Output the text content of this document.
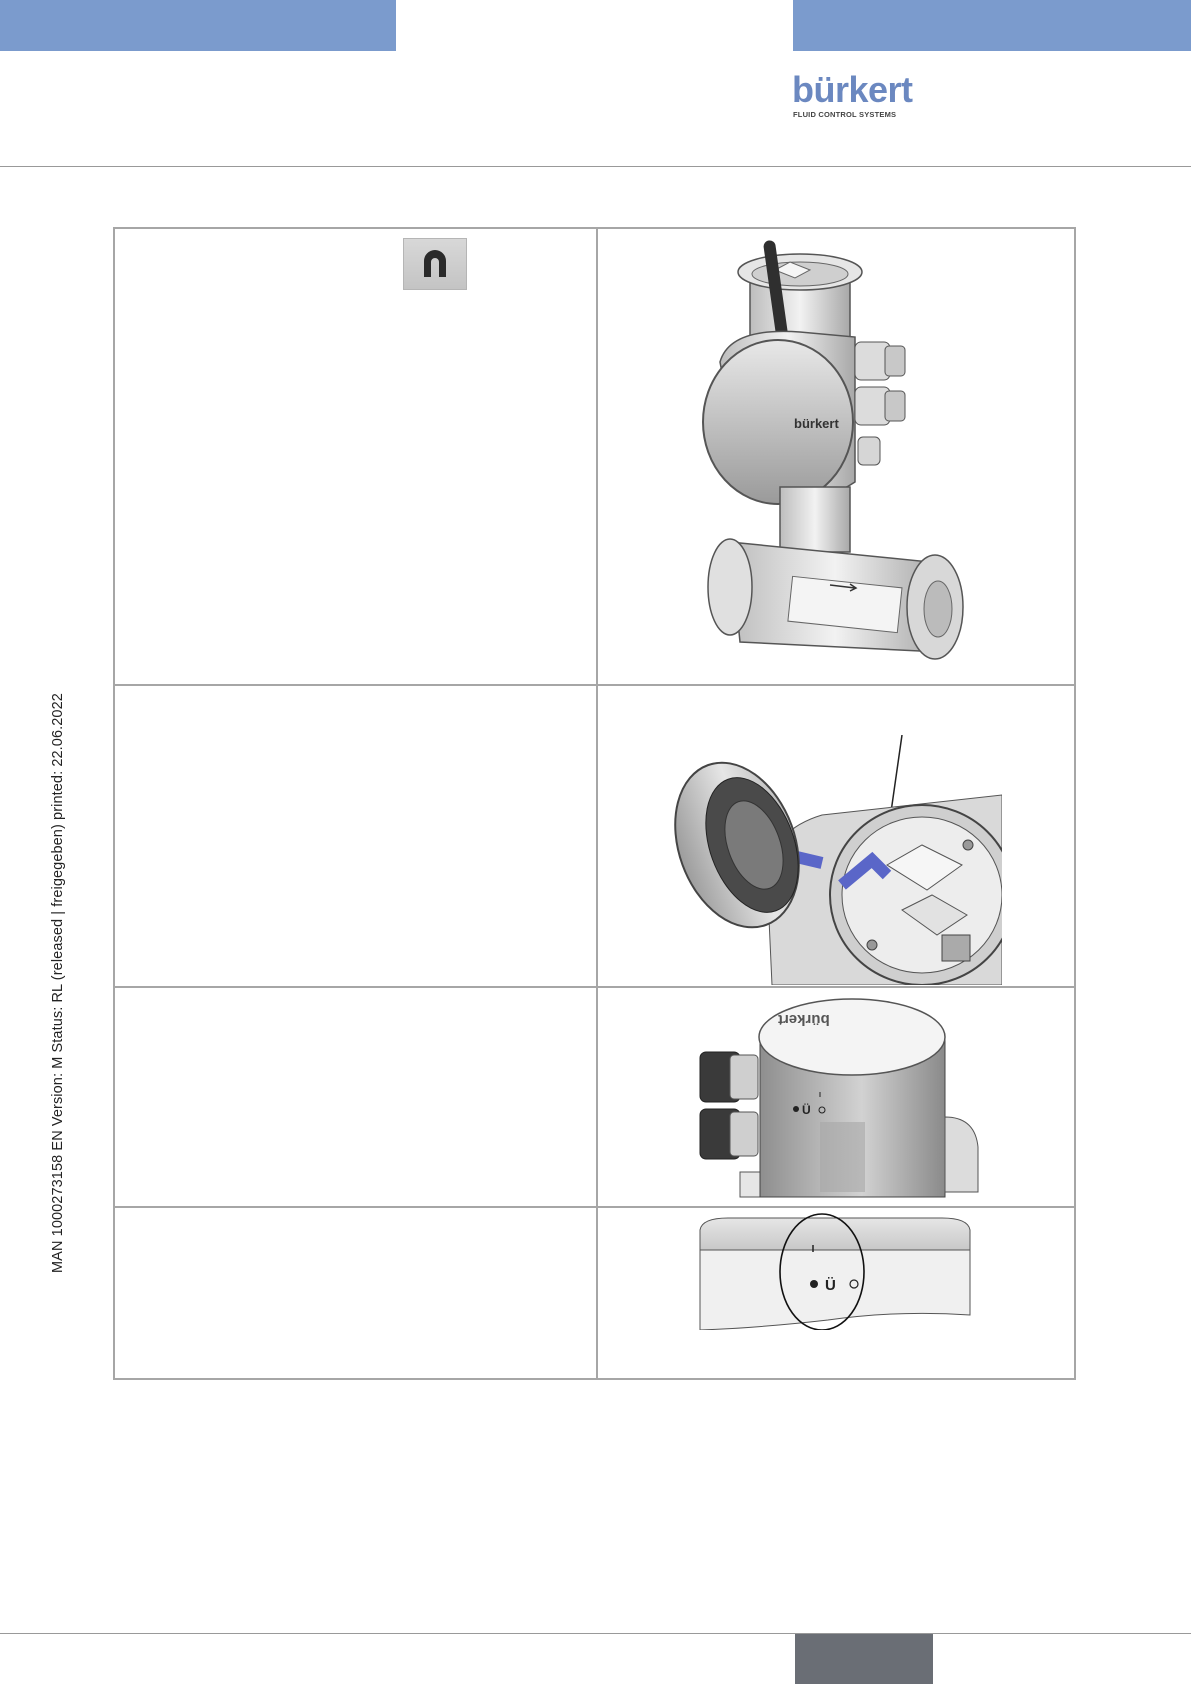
bürkert
FLUID CONTROL SYSTEMS
MAN 1000273158 EN Version: M Status: RL (released | freigegeben) printed: 22.06.2022
bürkert
Ü
bürkert
Ü
